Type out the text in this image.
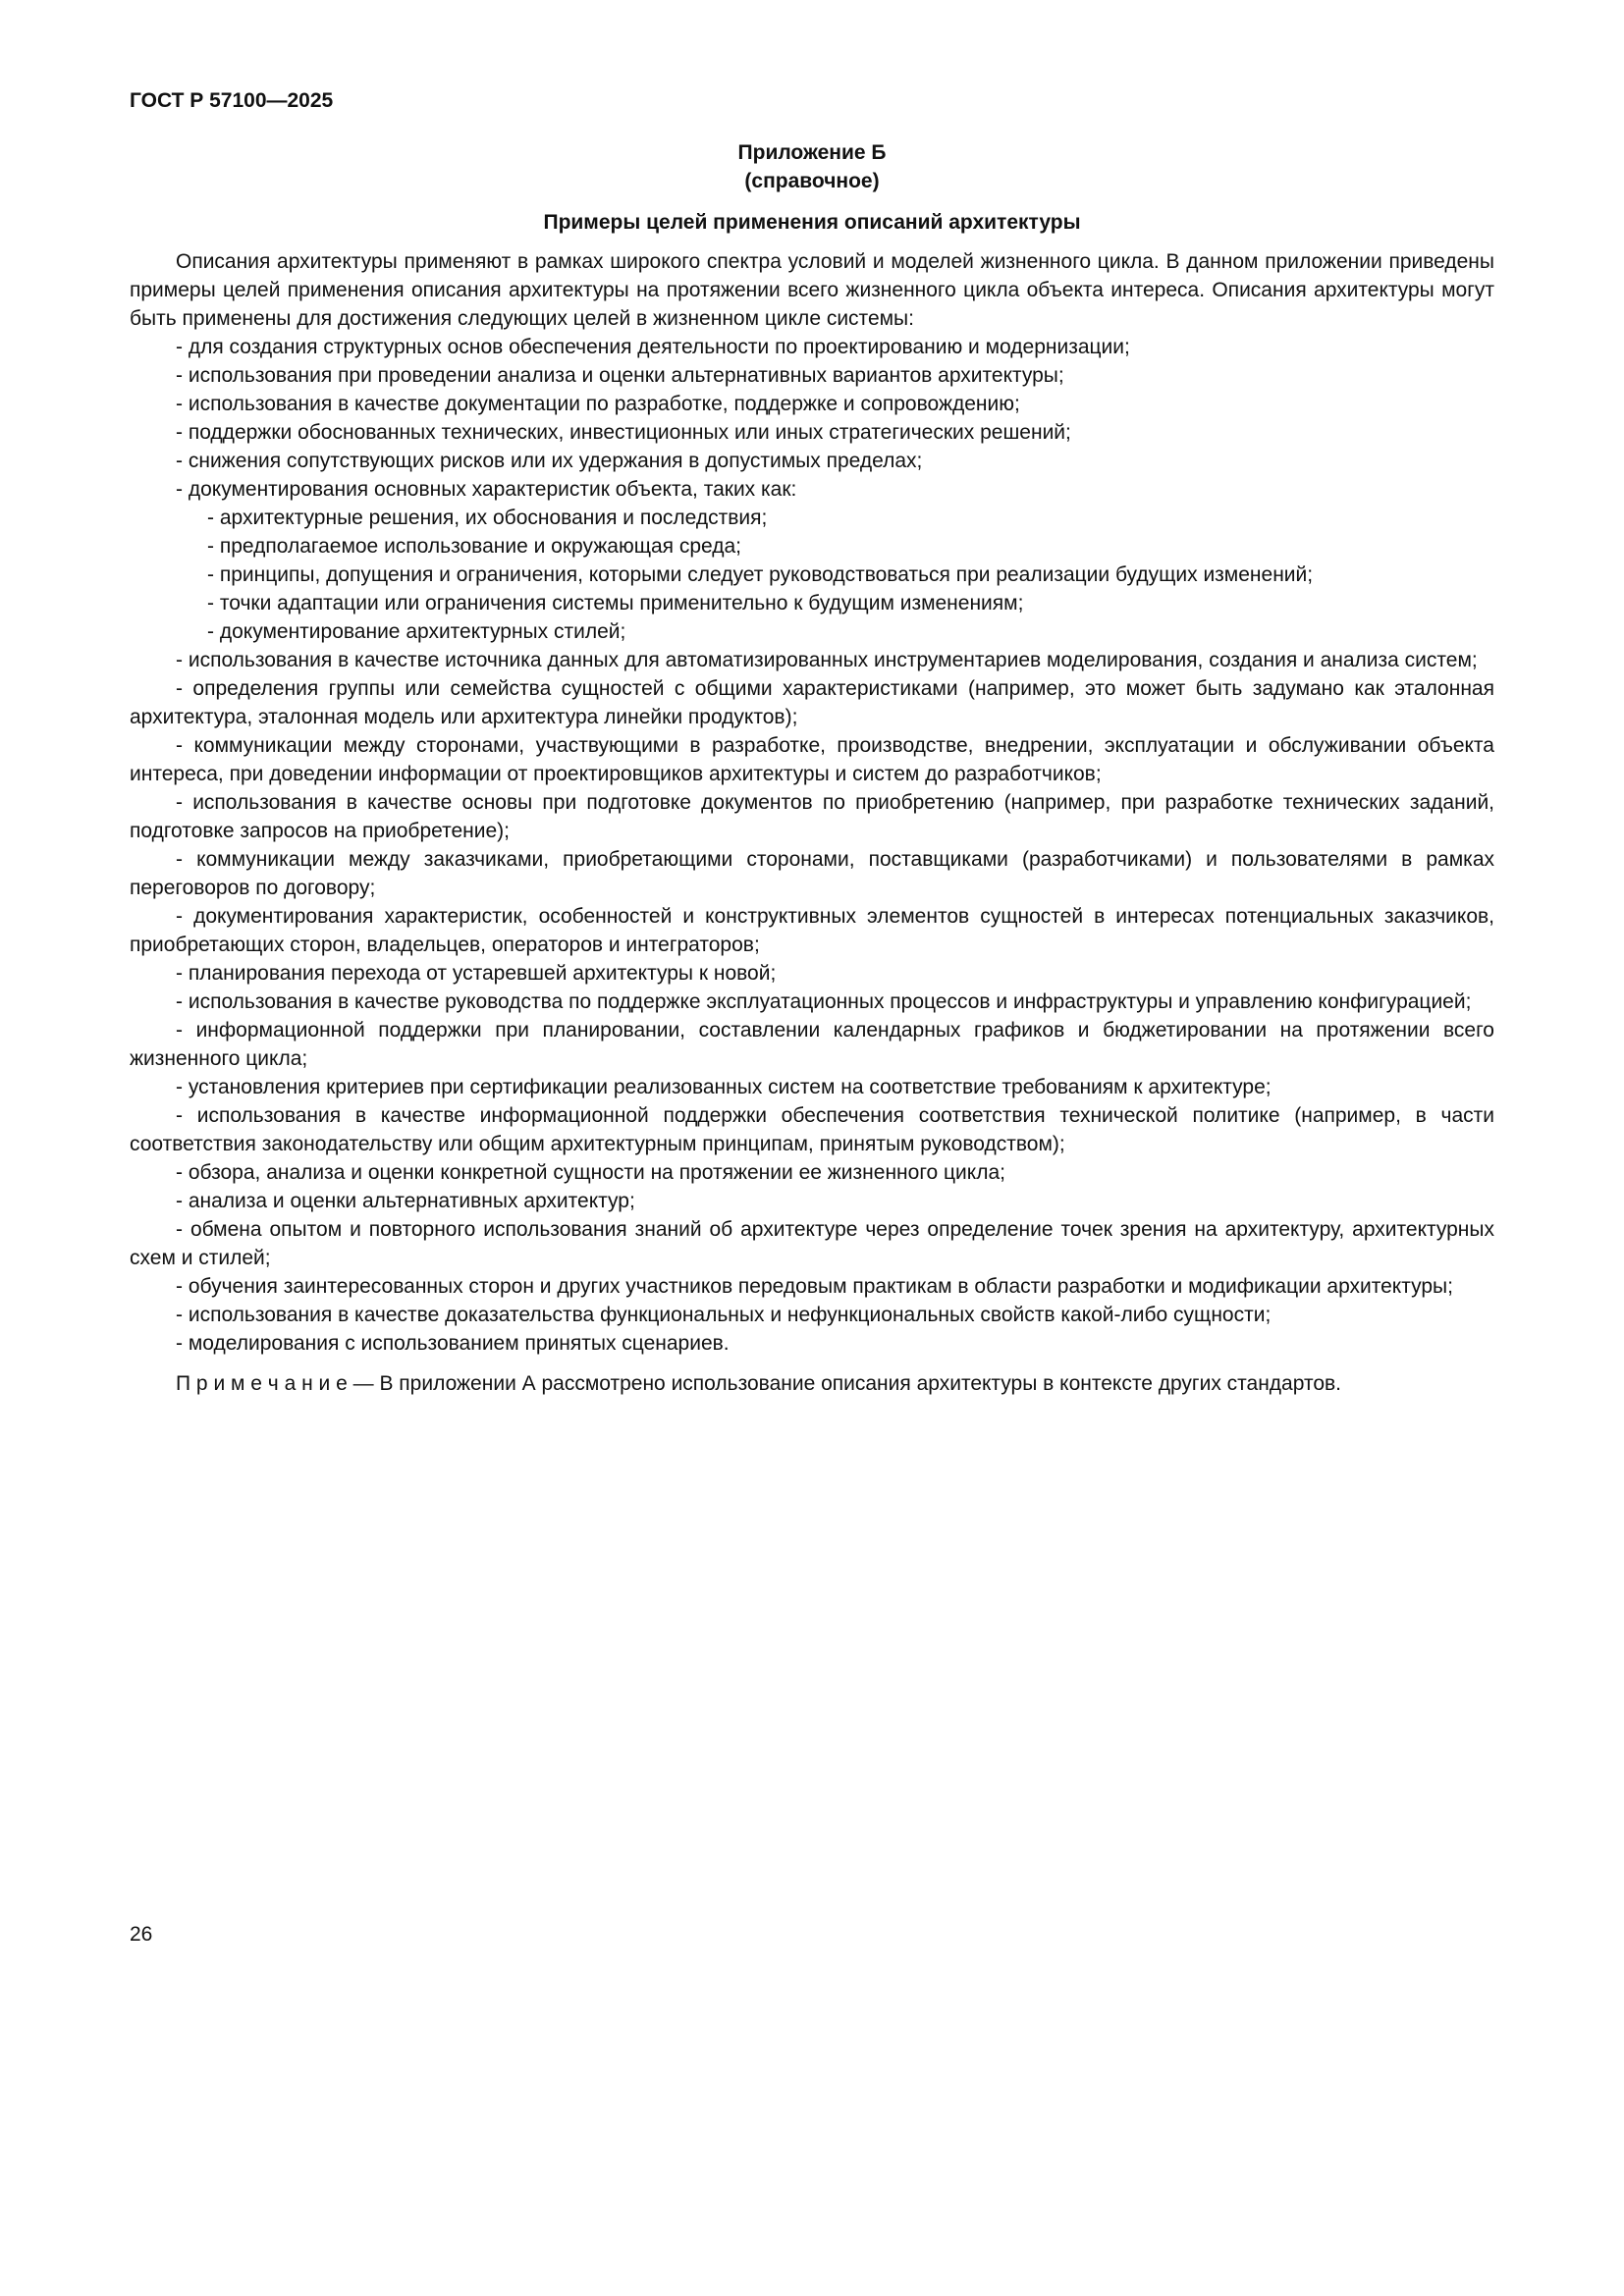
ГОСТ Р 57100—2025
Приложение Б
(справочное)
Примеры целей применения описаний архитектуры

Описания архитектуры применяют в рамках широкого спектра условий и моделей жизненного цикла. В данном приложении приведены примеры целей применения описания архитектуры на протяжении всего жизненного цикла объекта интереса. Описания архитектуры могут быть применены для достижения следующих целей в жизненном цикле системы:

- для создания структурных основ обеспечения деятельности по проектированию и модернизации;

- использования при проведении анализа и оценки альтернативных вариантов архитектуры;

- использования в качестве документации по разработке, поддержке и сопровождению;

- поддержки обоснованных технических, инвестиционных или иных стратегических решений;

- снижения сопутствующих рисков или их удержания в допустимых пределах;

- документирования основных характеристик объекта, таких как:

- архитектурные решения, их обоснования и последствия;

- предполагаемое использование и окружающая среда;

- принципы, допущения и ограничения, которыми следует руководствоваться при реализации будущих изменений;

- точки адаптации или ограничения системы применительно к будущим изменениям;

- документирование архитектурных стилей;

- использования в качестве источника данных для автоматизированных инструментариев моделирования, создания и анализа систем;

- определения группы или семейства сущностей с общими характеристиками (например, это может быть задумано как эталонная архитектура, эталонная модель или архитектура линейки продуктов);

- коммуникации между сторонами, участвующими в разработке, производстве, внедрении, эксплуатации и обслуживании объекта интереса, при доведении информации от проектировщиков архитектуры и систем до разработчиков;

- использования в качестве основы при подготовке документов по приобретению (например, при разработке технических заданий, подготовке запросов на приобретение);

- коммуникации между заказчиками, приобретающими сторонами, поставщиками (разработчиками) и пользователями в рамках переговоров по договору;

- документирования характеристик, особенностей и конструктивных элементов сущностей в интересах потенциальных заказчиков, приобретающих сторон, владельцев, операторов и интеграторов;

- планирования перехода от устаревшей архитектуры к новой;

- использования в качестве руководства по поддержке эксплуатационных процессов и инфраструктуры и управлению конфигурацией;

- информационной поддержки при планировании, составлении календарных графиков и бюджетировании на протяжении всего жизненного цикла;

- установления критериев при сертификации реализованных систем на соответствие требованиям к архитектуре;

- использования в качестве информационной поддержки обеспечения соответствия технической политике (например, в части соответствия законодательству или общим архитектурным принципам, принятым руководством);

- обзора, анализа и оценки конкретной сущности на протяжении ее жизненного цикла;

- анализа и оценки альтернативных архитектур;

- обмена опытом и повторного использования знаний об архитектуре через определение точек зрения на архитектуру, архитектурных схем и стилей;

- обучения заинтересованных сторон и других участников передовым практикам в области разработки и модификации архитектуры;

- использования в качестве доказательства функциональных и нефункциональных свойств какой-либо сущности;

- моделирования с использованием принятых сценариев.

П р и м е ч а н и е — В приложении А рассмотрено использование описания архитектуры в контексте других стандартов.

26
